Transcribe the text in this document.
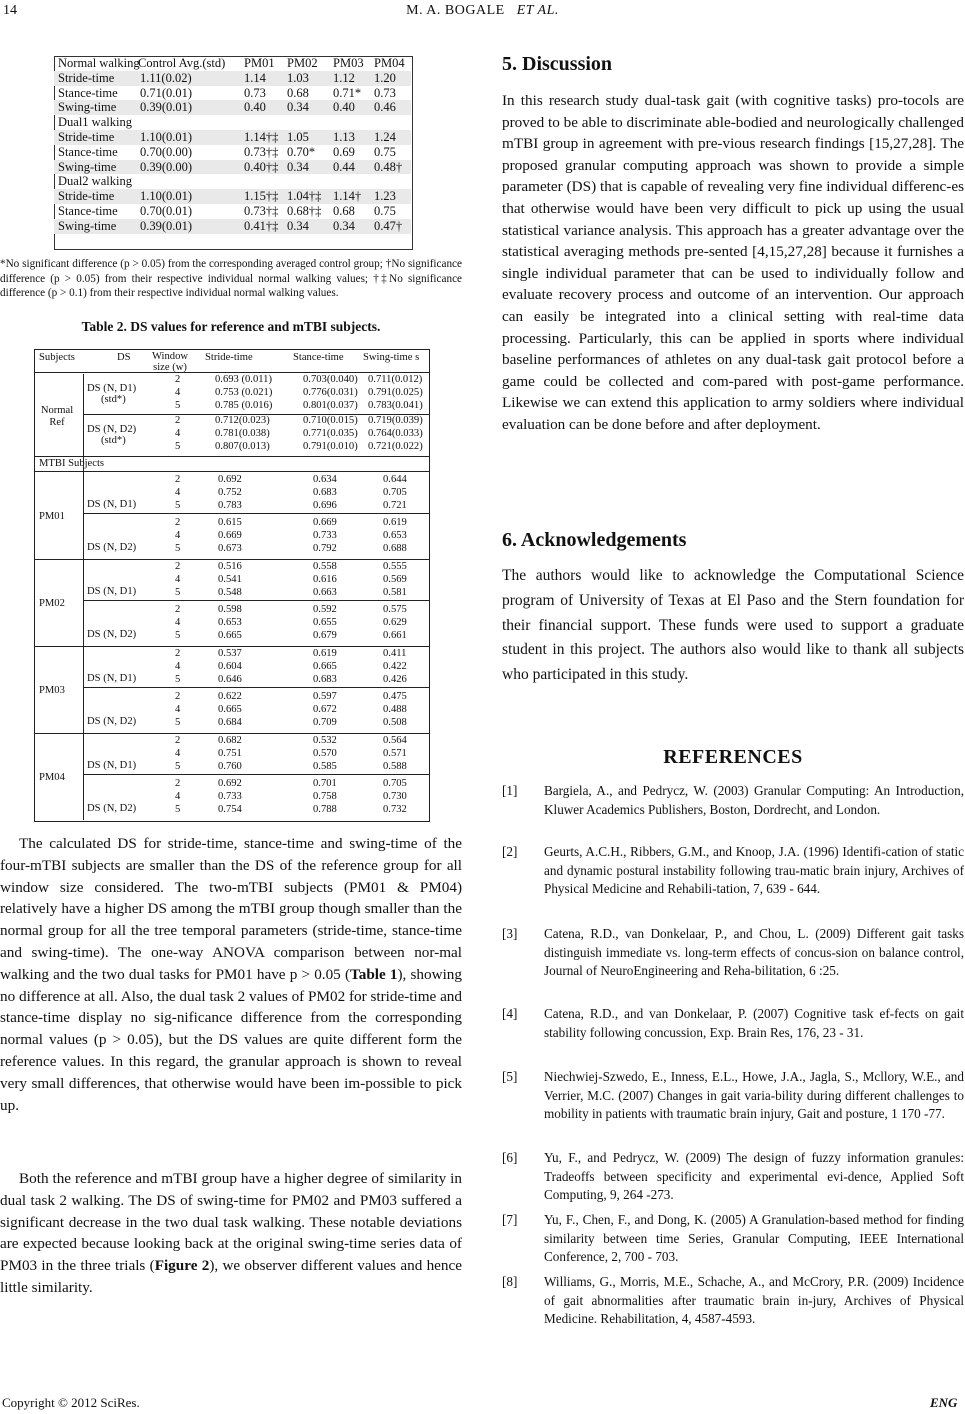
14	M. A. BOGALE ET AL.
Normal walking
Control Avg.(std) PM01 PM02 PM03 PM04
Stride-time 1.11(0.02)	1.14 1.03 1.12 1.20
Stance-time 0.71(0.01)	0.73 0.68 0.71* 0.73
Swing-time 0.39(0.01)	0.40 0.34 0.40 0.46
Dual1 walking
Stride-time 1.10(0.01)	1.14†‡ 1.05 1.13 1.24
Stance-time 0.70(0.00)	0.73†‡ 0.70* 0.69 0.75
Swing-time 0.39(0.00)	0.40†‡ 0.34 0.44 0.48†
Dual2 walking
Stride-time 1.10(0.01)	1.15†‡ 1.04†‡ 1.14† 1.23
Stance-time 0.70(0.01)	0.73†‡ 0.68†‡ 0.68 0.75
Swing-time 0.39(0.01)	0.41†‡ 0.34 0.34 0.47†
*No significant difference (p > 0.05) from the corresponding averaged control group; †No significance difference (p > 0.05) from their respective individual normal walking values; †‡No significance difference (p > 0.1) from their respective individual normal walking values.
Table 2. DS values for reference and mTBI subjects.
Subjects	DS Window size (w)
Stride-time	Stance-time Swing-time s
DS (N, D1)
(std*)
2	0.693 (0.011)	0.703(0.040) 0.711(0.012)
4	0.753 (0.021)	0.776(0.031) 0.791(0.025)
5	0.785 (0.016)	0.801(0.037) 0.783(0.041)
DS (N, D2)
(std*)
2	0.712(0.023)	0.710(0.015) 0.719(0.039)
4	0.781(0.038)	0.771(0.035) 0.764(0.033)
5	0.807(0.013)	0.791(0.010) 0.721(0.022)
Normal Ref
MTBI Subjects
PM01
2	0.692	0.634	0.644
4	0.752	0.683	0.705
5	0.783	0.696	0.721
DS (N, D1)
2	0.615	0.669	0.619
4	0.669	0.733	0.653
5	0.673	0.792	0.688
DS (N, D2)
PM02
2	0.516	0.558	0.555
4	0.541	0.616	0.569
5	0.548	0.663	0.581
DS (N, D1)
2	0.598	0.592	0.575
4	0.653	0.655	0.629
5	0.665	0.679	0.661
DS (N, D2)
PM03
2	0.537	0.619	0.411
4	0.604	0.665	0.422
5	0.646	0.683	0.426
DS (N, D1)
2	0.622	0.597	0.475
4	0.665	0.672	0.488
5	0.684	0.709	0.508
DS (N, D2)
PM04
2	0.682	0.532	0.564
4	0.751	0.570	0.571
5	0.760	0.585	0.588
DS (N, D1)
2	0.692	0.701	0.705
4	0.733	0.758	0.730
5	0.754	0.788	0.732
DS (N, D2)
The calculated DS for stride-time, stance-time and swing-time of the four-mTBI subjects are smaller than the DS of the reference group for all window size considered. The two-mTBI subjects (PM01 & PM04) relatively have a higher DS among the mTBI group though smaller than the normal group for all the tree temporal parameters (stride-time, stance-time and swing-time). The one-way ANOVA comparison between nor-mal walking and the two dual tasks for PM01 have p > 0.05 (Table 1), showing no difference at all. Also, the dual task 2 values of PM02 for stride-time and stance-time display no sig-nificance difference from the corresponding normal values (p > 0.05), but the DS values are quite different form the reference values. In this regard, the granular approach is shown to reveal very small differences, that otherwise would have been im-possible to pick up.
Both the reference and mTBI group have a higher degree of similarity in dual task 2 walking. The DS of swing-time for PM02 and PM03 suffered a significant decrease in the two dual task walking. These notable deviations are expected because looking back at the original swing-time series data of PM03 in the three trials (Figure 2), we observer different values and hence little similarity.
5. Discussion
In this research study dual-task gait (with cognitive tasks) pro-tocols are proved to be able to discriminate able-bodied and neurologically challenged mTBI group in agreement with pre-vious research findings [15,27,28]. The proposed granular computing approach was shown to provide a simple parameter (DS) that is capable of revealing very fine individual differenc-es that otherwise would have been very difficult to pick up using the usual statistical variance analysis. This approach has a greater advantage over the statistical averaging methods pre-sented [4,15,27,28] because it furnishes a single individual parameter that can be used to individually follow and evaluate recovery process and outcome of an intervention. Our approach can easily be integrated into a clinical setting with real-time data processing. Particularly, this can be applied in sports where individual baseline performances of athletes on any dual-task gait protocol before a game could be collected and com-pared with post-game performance. Likewise we can extend this application to army soldiers where individual evaluation can be done before and after deployment.
6. Acknowledgements
The authors would like to acknowledge the Computational Science program of University of Texas at El Paso and the Stern foundation for their financial support. These funds were used to support a graduate student in this project. The authors also would like to thank all subjects who participated in this study.
REFERENCES
[1] Bargiela, A., and Pedrycz, W. (2003) Granular Computing: An Introduction, Kluwer Academics Publishers, Boston, Dordrecht, and London.
[2] Geurts, A.C.H., Ribbers, G.M., and Knoop, J.A. (1996) Identifi-cation of static and dynamic postural instability following trau-matic brain injury, Archives of Physical Medicine and Rehabili-tation, 7, 639 - 644.
[3] Catena, R.D., van Donkelaar, P., and Chou, L. (2009) Different gait tasks distinguish immediate vs. long-term effects of concus-sion on balance control, Journal of NeuroEngineering and Reha-bilitation, 6 :25.
[4] Catena, R.D., and van Donkelaar, P. (2007) Cognitive task ef-fects on gait stability following concussion, Exp. Brain Res, 176, 23 - 31.
[5] Niechwiej-Szwedo, E., Inness, E.L., Howe, J.A., Jagla, S., Mcllory, W.E., and Verrier, M.C. (2007) Changes in gait varia-bility during different challenges to mobility in patients with traumatic brain injury, Gait and posture, 1 170 -77.
[6] Yu, F., and Pedrycz, W. (2009) The design of fuzzy information granules: Tradeoffs between specificity and experimental evi-dence, Applied Soft Computing, 9, 264 -273.
[7] Yu, F., Chen, F., and Dong, K. (2005) A Granulation-based method for finding similarity between time Series, Granular Computing, IEEE International Conference, 2, 700 - 703.
[8] Williams, G., Morris, M.E., Schache, A., and McCrory, P.R. (2009) Incidence of gait abnormalities after traumatic brain in-jury, Archives of Physical Medicine. Rehabilitation, 4, 4587-4593.
Copyright © 2012 SciRes.	ENG
